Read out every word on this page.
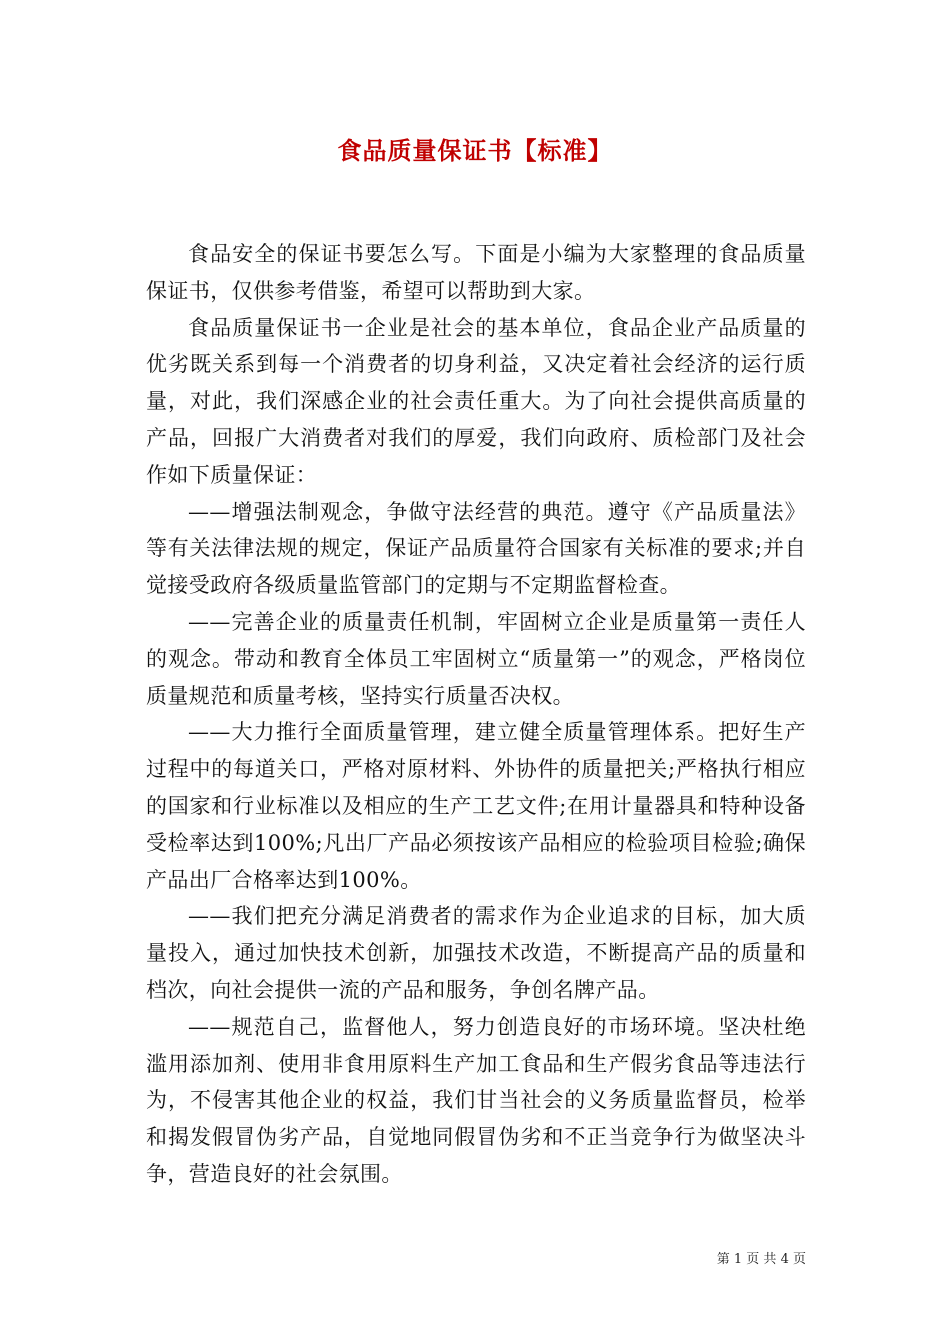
食品质量保证书【标准】

食品安全的保证书要怎么写。下面是小编为大家整理的食品质量保证书，仅供参考借鉴，希望可以帮助到大家。

食品质量保证书一企业是社会的基本单位，食品企业产品质量的优劣既关系到每一个消费者的切身利益，又决定着社会经济的运行质量，对此，我们深感企业的社会责任重大。为了向社会提供高质量的产品，回报广大消费者对我们的厚爱，我们向政府、质检部门及社会作如下质量保证：

——增强法制观念，争做守法经营的典范。遵守《产品质量法》等有关法律法规的规定，保证产品质量符合国家有关标准的要求;并自觉接受政府各级质量监管部门的定期与不定期监督检查。

——完善企业的质量责任机制，牢固树立企业是质量第一责任人的观念。带动和教育全体员工牢固树立“质量第一”的观念，严格岗位质量规范和质量考核，坚持实行质量否决权。

——大力推行全面质量管理，建立健全质量管理体系。把好生产过程中的每道关口，严格对原材料、外协件的质量把关;严格执行相应的国家和行业标准以及相应的生产工艺文件;在用计量器具和特种设备受检率达到100%;凡出厂产品必须按该产品相应的检验项目检验;确保产品出厂合格率达到100%。

——我们把充分满足消费者的需求作为企业追求的目标，加大质量投入，通过加快技术创新，加强技术改造，不断提高产品的质量和档次，向社会提供一流的产品和服务，争创名牌产品。

——规范自己，监督他人，努力创造良好的市场环境。坚决杜绝滥用添加剂、使用非食用原料生产加工食品和生产假劣食品等违法行为，不侵害其他企业的权益，我们甘当社会的义务质量监督员，检举和揭发假冒伪劣产品，自觉地同假冒伪劣和不正当竞争行为做坚决斗争，营造良好的社会氛围。

第 1 页 共 4 页
